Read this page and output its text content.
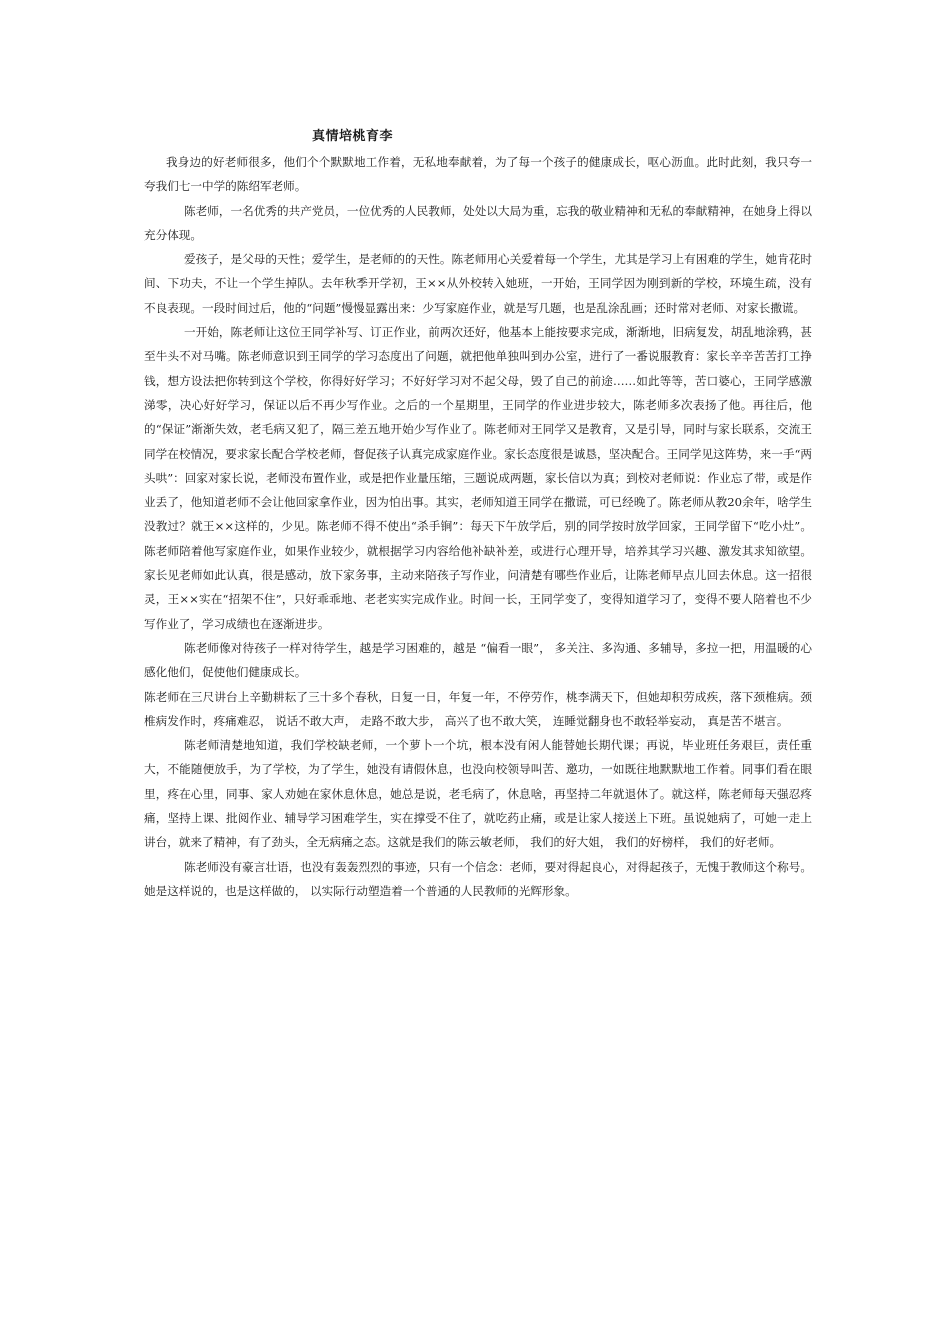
真情培桃育李

我身边的好老师很多，他们个个默默地工作着，无私地奉献着，为了每一个孩子的健康成长，呕心沥血。此时此刻，我只夸一夸我们七一中学的陈绍军老师。

陈老师，一名优秀的共产党员，一位优秀的人民教师，处处以大局为重，忘我的敬业精神和无私的奉献精神，在她身上得以充分体现。

爱孩子，是父母的天性；爱学生，是老师的的天性。陈老师用心关爱着每一个学生，尤其是学习上有困难的学生，她肯花时间、下功夫，不让一个学生掉队。去年秋季开学初，王××从外校转入她班，一开始，王同学因为刚到新的学校，环境生疏，没有不良表现。一段时间过后，他的“问题”慢慢显露出来：少写家庭作业，就是写几题，也是乱涂乱画；还时常对老师、对家长撒谎。

一开始，陈老师让这位王同学补写、订正作业，前两次还好，他基本上能按要求完成，渐渐地，旧病复发，胡乱地涂鸦，甚至牛头不对马嘴。陈老师意识到王同学的学习态度出了问题，就把他单独叫到办公室，进行了一番说服教育：家长辛辛苦苦打工挣钱，想方设法把你转到这个学校，你得好好学习；不好好学习对不起父母，毁了自己的前途……如此等等，苦口婆心，王同学感激涕零，决心好好学习，保证以后不再少写作业。之后的一个星期里，王同学的作业进步较大，陈老师多次表扬了他。再往后，他的“保证”渐渐失效，老毛病又犯了，隔三差五地开始少写作业了。陈老师对王同学又是教育，又是引导，同时与家长联系，交流王同学在校情况，要求家长配合学校老师，督促孩子认真完成家庭作业。家长态度很是诚恳，坚决配合。王同学见这阵势，来一手“两头哄”：回家对家长说，老师没布置作业，或是把作业量压缩，三题说成两题，家长信以为真；到校对老师说：作业忘了带，或是作业丢了，他知道老师不会让他回家拿作业，因为怕出事。其实，老师知道王同学在撒谎，可已经晚了。陈老师从教20余年，啥学生没教过？就王××这样的，少见。陈老师不得不使出“杀手锏”：每天下午放学后，别的同学按时放学回家，王同学留下“吃小灶”。陈老师陪着他写家庭作业，如果作业较少，就根据学习内容给他补缺补差，或进行心理开导，培养其学习兴趣、激发其求知欲望。家长见老师如此认真，很是感动，放下家务事，主动来陪孩子写作业，问清楚有哪些作业后，让陈老师早点儿回去休息。这一招很灵，王××实在“招架不住”，只好乖乖地、老老实实完成作业。时间一长，王同学变了，变得知道学习了，变得不要人陪着也不少写作业了，学习成绩也在逐渐进步。

陈老师像对待孩子一样对待学生，越是学习困难的，越是 “偏看一眼”， 多关注、多沟通、多辅导，多拉一把，用温暖的心感化他们，促使他们健康成长。

陈老师在三尺讲台上辛勤耕耘了三十多个春秋，日复一日，年复一年，不停劳作，桃李满天下，但她却积劳成疾，落下颈椎病。颈椎病发作时，疼痛难忍， 说话不敢大声， 走路不敢大步， 高兴了也不敢大笑， 连睡觉翻身也不敢轻举妄动， 真是苦不堪言。

陈老师清楚地知道，我们学校缺老师，一个萝卜一个坑，根本没有闲人能替她长期代课；再说，毕业班任务艰巨，责任重大，不能随便放手，为了学校，为了学生，她没有请假休息，也没向校领导叫苦、邀功，一如既往地默默地工作着。同事们看在眼里，疼在心里，同事、家人劝她在家休息休息，她总是说，老毛病了，休息啥，再坚持二年就退休了。就这样，陈老师每天强忍疼痛，坚持上课、批阅作业、辅导学习困难学生，实在撑受不住了，就吃药止痛，或是让家人接送上下班。虽说她病了，可她一走上讲台，就来了精神，有了劲头，全无病痛之态。这就是我们的陈云敏老师， 我们的好大姐， 我们的好榜样， 我们的好老师。

陈老师没有豪言壮语，也没有轰轰烈烈的事迹，只有一个信念：老师，要对得起良心，对得起孩子，无愧于教师这个称号。她是这样说的，也是这样做的， 以实际行动塑造着一个普通的人民教师的光辉形象。
